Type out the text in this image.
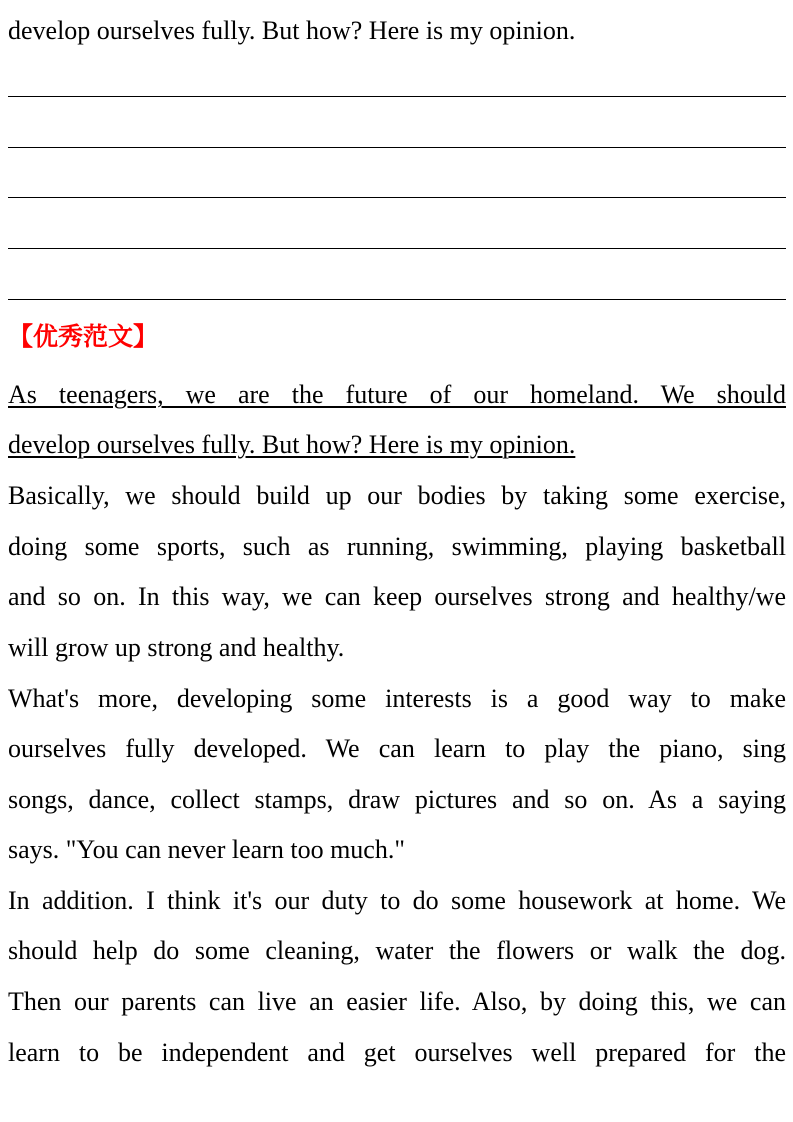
develop ourselves fully. But how? Here is my opinion.
【优秀范文】
As teenagers, we are the future of our homeland. We should
develop ourselves fully. But how? Here is my opinion.
Basically, we should build up our bodies by taking some exercise,
doing some sports, such as running, swimming, playing basketball
and so on. In this way, we can keep ourselves strong and healthy/we
will grow up strong and healthy.
What's more, developing some interests is a good way to make
ourselves fully developed. We can learn to play the piano, sing
songs, dance, collect stamps, draw pictures and so on. As a saying
says. "You can never learn too much."
In addition. I think it's our duty to do some housework at home. We
should help do some cleaning, water the flowers or walk the dog.
Then our parents can live an easier life. Also, by doing this, we can
learn to be independent and get ourselves well prepared for the
